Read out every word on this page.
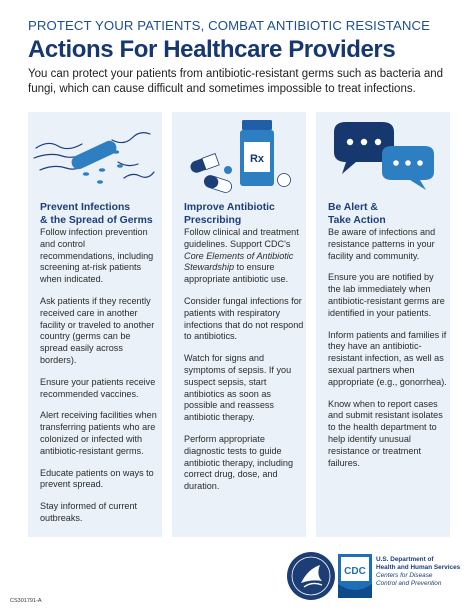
PROTECT YOUR PATIENTS, COMBAT ANTIBIOTIC RESISTANCE
Actions For Healthcare Providers
You can protect your patients from antibiotic-resistant germs such as bacteria and fungi, which can cause difficult and sometimes impossible to treat infections.
Prevent Infections
& the Spread of Germs

Follow infection prevention and control recommendations, including screening at-risk patients when indicated.

Ask patients if they recently received care in another facility or traveled to another country (germs can be spread easily across borders).

Ensure your patients receive recommended vaccines.

Alert receiving facilities when transferring patients who are colonized or infected with antibiotic-resistant germs.

Educate patients on ways to prevent spread.

Stay informed of current outbreaks.

Rx
Improve Antibiotic
Prescribing

Follow clinical and treatment guidelines. Support CDC's Core Elements of Antibiotic Stewardship to ensure appropriate antibiotic use.

Consider fungal infections for patients with respiratory infections that do not respond to antibiotics.

Watch for signs and symptoms of sepsis. If you suspect sepsis, start antibiotics as soon as possible and reassess antibiotic therapy.

Perform appropriate diagnostic tests to guide antibiotic therapy, including correct drug, dose, and duration.

Be Alert &
Take Action

Be aware of infections and resistance patterns in your facility and community.

Ensure you are notified by the lab immediately when antibiotic-resistant germs are identified in your patients.

Inform patients and families if they have an antibiotic-resistant infection, as well as sexual partners when appropriate (e.g., gonorrhea).

Know when to report cases and submit resistant isolates to the health department to help identify unusual resistance or treatment failures.

CS301791-A
CDC
U.S. Department of
Health and Human Services
Centers for Disease
Control and Prevention
